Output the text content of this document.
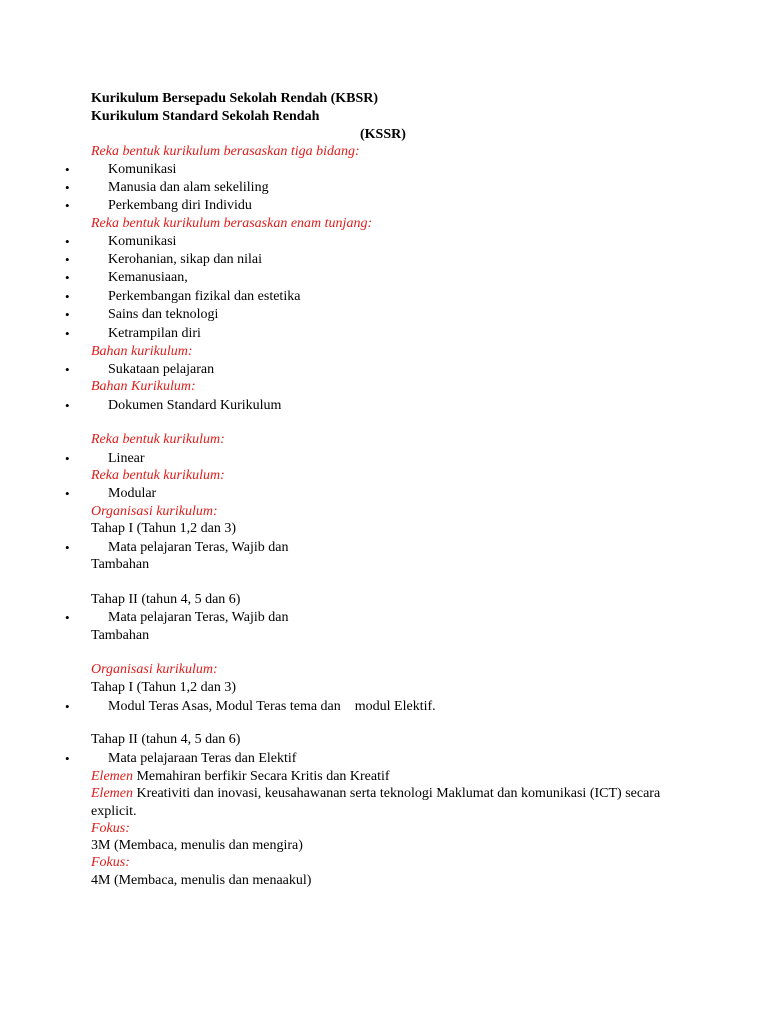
Kurikulum Bersepadu Sekolah Rendah (KBSR)
Kurikulum Standard Sekolah Rendah
(KSSR)
Reka bentuk kurikulum berasaskan tiga bidang:
•	Komunikasi
•	Manusia dan alam sekeliling
•	Perkembang diri Individu
Reka bentuk kurikulum berasaskan enam tunjang:
•	Komunikasi
•	Kerohanian, sikap dan nilai
•	Kemanusiaan,
•	Perkembangan fizikal dan estetika
•	Sains dan teknologi
•	Ketrampilan diri
Bahan kurikulum:
•	Sukataan pelajaran
Bahan Kurikulum:
•	Dokumen Standard Kurikulum
Reka bentuk kurikulum:
•	Linear
Reka bentuk kurikulum:
•	Modular
Organisasi kurikulum:
Tahap I (Tahun 1,2 dan 3)
•	Mata pelajaran Teras, Wajib dan
Tambahan
Tahap II (tahun 4, 5 dan 6)
•	Mata pelajaran Teras, Wajib dan
Tambahan
Organisasi kurikulum:
Tahap I (Tahun 1,2 dan 3)
•	Modul Teras Asas, Modul Teras tema dan modul Elektif.
Tahap II (tahun 4, 5 dan 6)
•	Mata pelajaraan Teras dan Elektif
Elemen Memahiran berfikir Secara Kritis dan Kreatif
Elemen Kreativiti dan inovasi, keusahawanan serta teknologi Maklumat dan komunikasi (ICT) secara explicit.
Fokus:
3M (Membaca, menulis dan mengira)
Fokus:
4M (Membaca, menulis dan menaakul)
